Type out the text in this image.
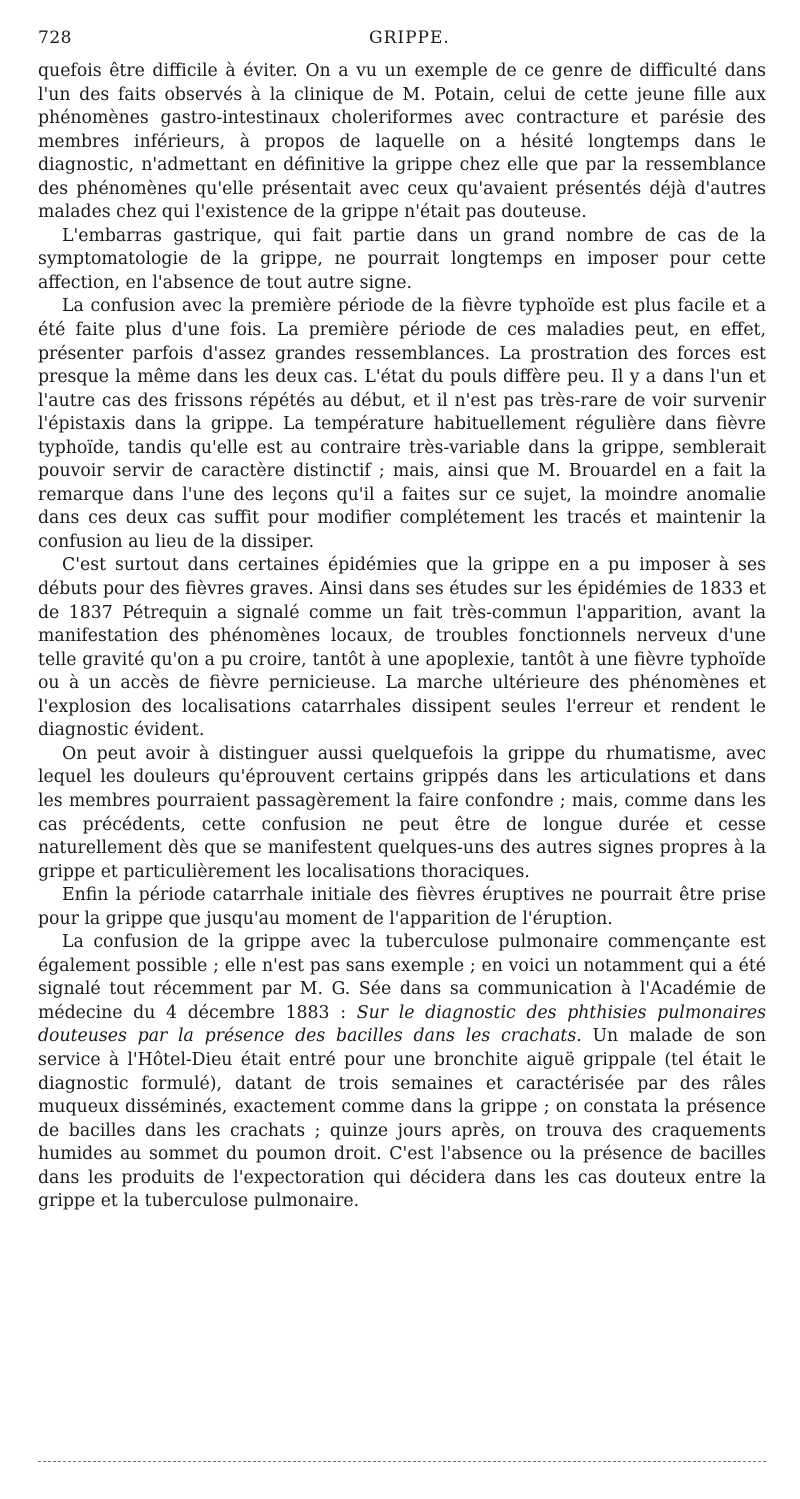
728	GRIPPE.

quefois être difficile à éviter. On a vu un exemple de ce genre de difficulté dans l'un des faits observés à la clinique de M. Potain, celui de cette jeune fille aux phénomènes gastro-intestinaux choleriformes avec contracture et parésie des membres inférieurs, à propos de laquelle on a hésité longtemps dans le diagnostic, n'admettant en définitive la grippe chez elle que par la ressemblance des phénomènes qu'elle présentait avec ceux qu'avaient présentés déjà d'autres malades chez qui l'existence de la grippe n'était pas douteuse.

L'embarras gastrique, qui fait partie dans un grand nombre de cas de la symptomatologie de la grippe, ne pourrait longtemps en imposer pour cette affection, en l'absence de tout autre signe.

La confusion avec la première période de la fièvre typhoïde est plus facile et a été faite plus d'une fois. La première période de ces maladies peut, en effet, présenter parfois d'assez grandes ressemblances. La prostration des forces est presque la même dans les deux cas. L'état du pouls diffère peu. Il y a dans l'un et l'autre cas des frissons répétés au début, et il n'est pas très-rare de voir survenir l'épistaxis dans la grippe. La température habituellement régulière dans fièvre typhoïde, tandis qu'elle est au contraire très-variable dans la grippe, semblerait pouvoir servir de caractère distinctif ; mais, ainsi que M. Brouardel en a fait la remarque dans l'une des leçons qu'il a faites sur ce sujet, la moindre anomalie dans ces deux cas suffit pour modifier complétement les tracés et maintenir la confusion au lieu de la dissiper.

C'est surtout dans certaines épidémies que la grippe en a pu imposer à ses débuts pour des fièvres graves. Ainsi dans ses études sur les épidémies de 1833 et de 1837 Pétrequin a signalé comme un fait très-commun l'apparition, avant la manifestation des phénomènes locaux, de troubles fonctionnels nerveux d'une telle gravité qu'on a pu croire, tantôt à une apoplexie, tantôt à une fièvre typhoïde ou à un accès de fièvre pernicieuse. La marche ultérieure des phénomènes et l'explosion des localisations catarrhales dissipent seules l'erreur et rendent le diagnostic évident.

On peut avoir à distinguer aussi quelquefois la grippe du rhumatisme, avec lequel les douleurs qu'éprouvent certains grippés dans les articulations et dans les membres pourraient passagèrement la faire confondre ; mais, comme dans les cas précédents, cette confusion ne peut être de longue durée et cesse naturellement dès que se manifestent quelques-uns des autres signes propres à la grippe et particulièrement les localisations thoraciques.

Enfin la période catarrhale initiale des fièvres éruptives ne pourrait être prise pour la grippe que jusqu'au moment de l'apparition de l'éruption.

La confusion de la grippe avec la tuberculose pulmonaire commençante est également possible ; elle n'est pas sans exemple ; en voici un notamment qui a été signalé tout récemment par M. G. Sée dans sa communication à l'Académie de médecine du 4 décembre 1883 : Sur le diagnostic des phthisies pulmonaires douteuses par la présence des bacilles dans les crachats. Un malade de son service à l'Hôtel-Dieu était entré pour une bronchite aiguë grippale (tel était le diagnostic formulé), datant de trois semaines et caractérisée par des râles muqueux disséminés, exactement comme dans la grippe ; on constata la présence de bacilles dans les crachats ; quinze jours après, on trouva des craquements humides au sommet du poumon droit. C'est l'absence ou la présence de bacilles dans les produits de l'expectoration qui décidera dans les cas douteux entre la grippe et la tuberculose pulmonaire.
